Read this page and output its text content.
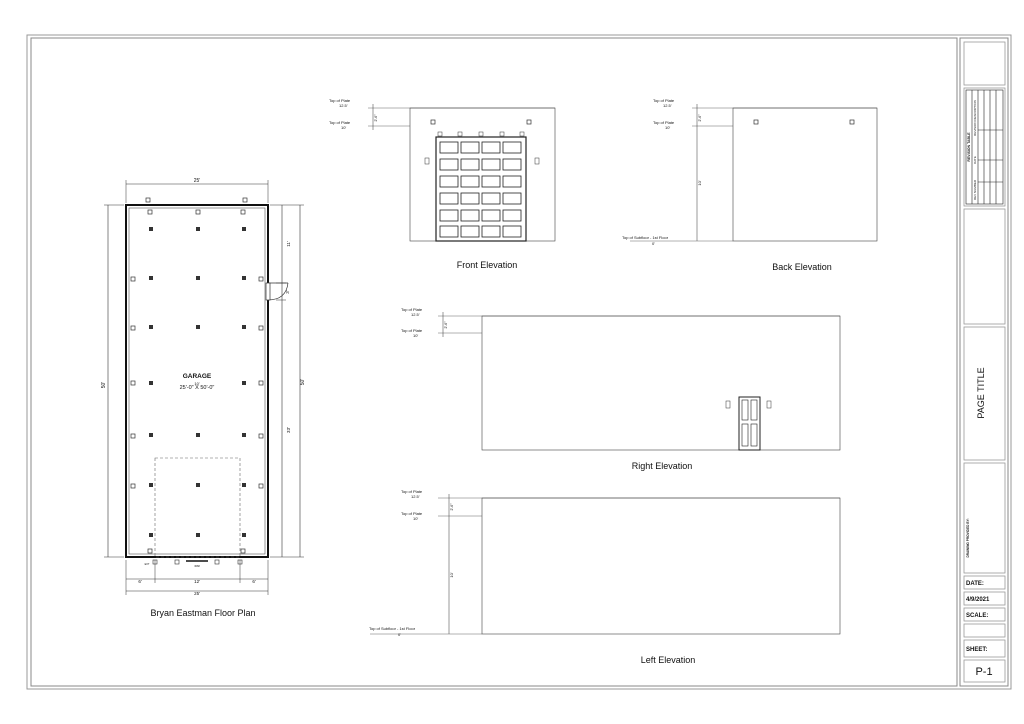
GARAGE
10'
25'-0" X 50'-0"
25'
50'
11'
3'
33'
50'
3068
EXT
6'	12'	6'
25'
Bryan Eastman Floor Plan
Top of Plate
12.5'
Top of Plate
10'
2'-6"
Front Elevation
Top of Plate
12.5'
Top of Plate
10'
2'-6"
10'
Top of Subfloor - 1st Floor
0'
Back Elevation
Top of Plate
12.5'
Top of Plate
10'
2'-6"
Right Elevation
Top of Plate
12.5'
Top of Plate
10'
2'-6"
10'
Top of Subfloor - 1st Floor
0'
Left Elevation
REVISION TABLE
REV NUMBER
DATE
REVISION DESCRIPTION
PAGE TITLE
DRAWING PROVIDED BY:
DATE:
4/9/2021
SCALE:
SHEET:
P-1
